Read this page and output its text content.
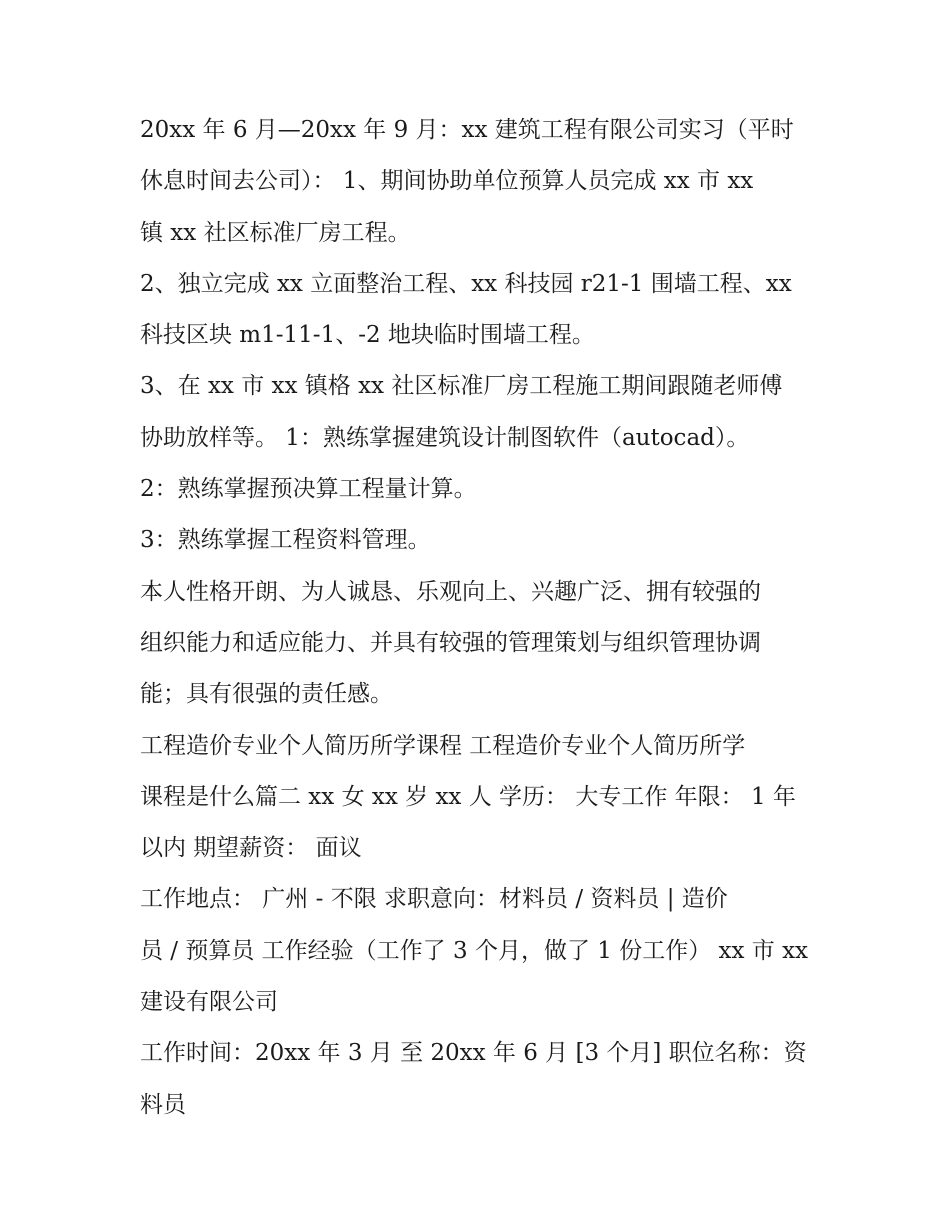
20xx 年 6 月—20xx 年 9 月：xx 建筑工程有限公司实习（平时
休息时间去公司）： 1、期间协助单位预算人员完成 xx 市 xx
镇 xx 社区标准厂房工程。
2、独立完成 xx 立面整治工程、xx 科技园 r21-1 围墙工程、xx
科技区块 m1-11-1、-2 地块临时围墙工程。
3、在 xx 市 xx 镇格 xx 社区标准厂房工程施工期间跟随老师傅
协助放样等。 1：熟练掌握建筑设计制图软件（autocad）。
2：熟练掌握预决算工程量计算。
3：熟练掌握工程资料管理。
本人性格开朗、为人诚恳、乐观向上、兴趣广泛、拥有较强的
组织能力和适应能力、并具有较强的管理策划与组织管理协调
能；具有很强的责任感。
工程造价专业个人简历所学课程 工程造价专业个人简历所学
课程是什么篇二 xx 女 xx 岁 xx 人 学历： 大专工作 年限： 1 年
以内 期望薪资： 面议
工作地点： 广州 - 不限 求职意向：材料员 / 资料员 | 造价
员 / 预算员 工作经验（工作了 3 个月，做了 1 份工作） xx 市 xx
建设有限公司
工作时间：20xx 年 3 月 至 20xx 年 6 月 [3 个月] 职位名称：资
料员
